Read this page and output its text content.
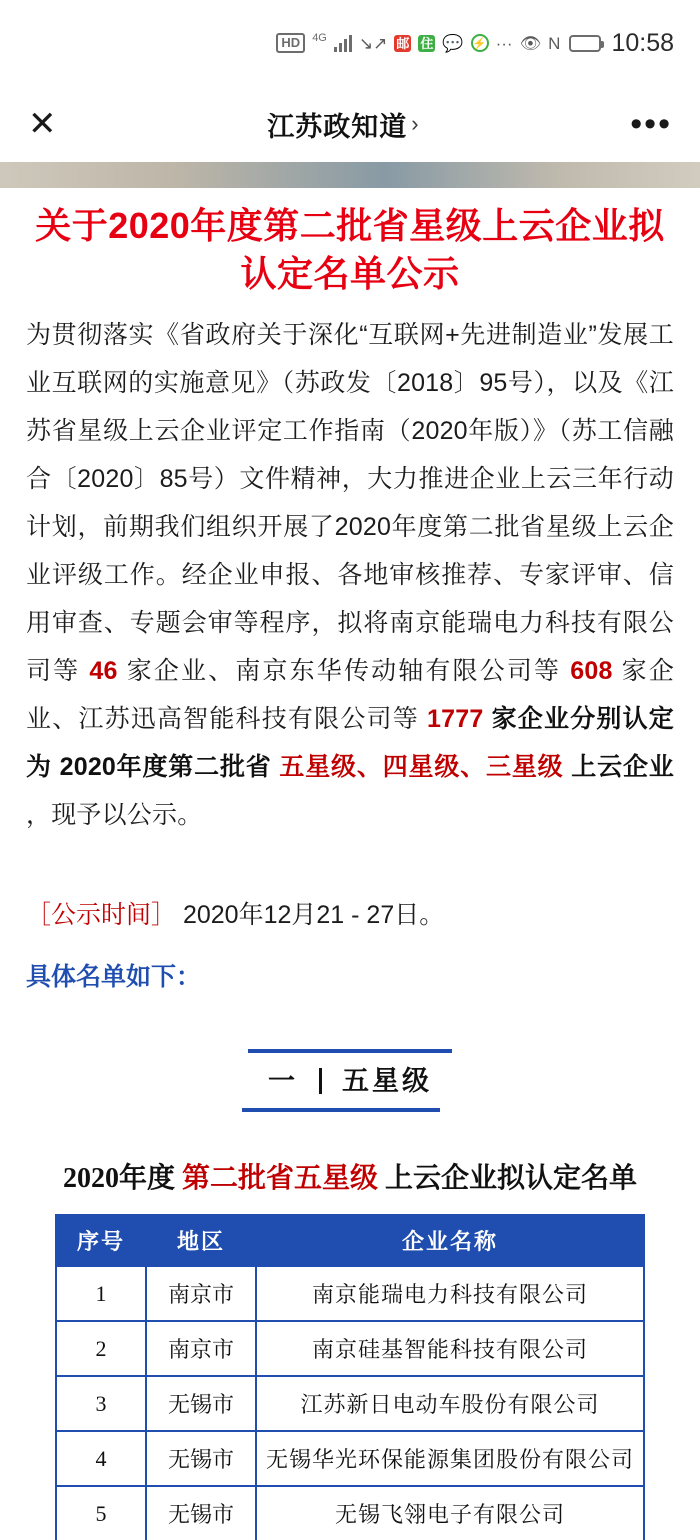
HD	4G ↘↗ 邮 住 💬 ⚡ ··· 👁 N 10:58
✕	江苏政知道 ›	•••
关于2020年度第二批省星级上云企业拟认定名单公示

为贯彻落实《省政府关于深化“互联网+先进制造业”发展工业互联网的实施意见》（苏政发〔2018〕95号），以及《江苏省星级上云企业评定工作指南（2020年版）》（苏工信融合〔2020〕85号）文件精神，大力推进企业上云三年行动计划，前期我们组织开展了2020年度第二批省星级上云企业评级工作。经企业申报、各地审核推荐、专家评审、信用审查、专题会审等程序，拟将南京能瑞电力科技有限公司等 46 家企业、南京东华传动轴有限公司等 608 家企业、江苏迅高智能科技有限公司等 1777 家企业分别认定为 2020年度第二批省 五星级、四星级、三星级 上云企业 ，现予以公示。

［公示时间］ 2020年12月21 - 27日。
具体名单如下：
一 五星级
2020年度 第二批省五星级 上云企业拟认定名单
序号	地区	企业名称
1	南京市	南京能瑞电力科技有限公司
2	南京市	南京硅基智能科技有限公司
3	无锡市	江苏新日电动车股份有限公司
4	无锡市	无锡华光环保能源集团股份有限公司
5	无锡市	无锡飞翎电子有限公司
